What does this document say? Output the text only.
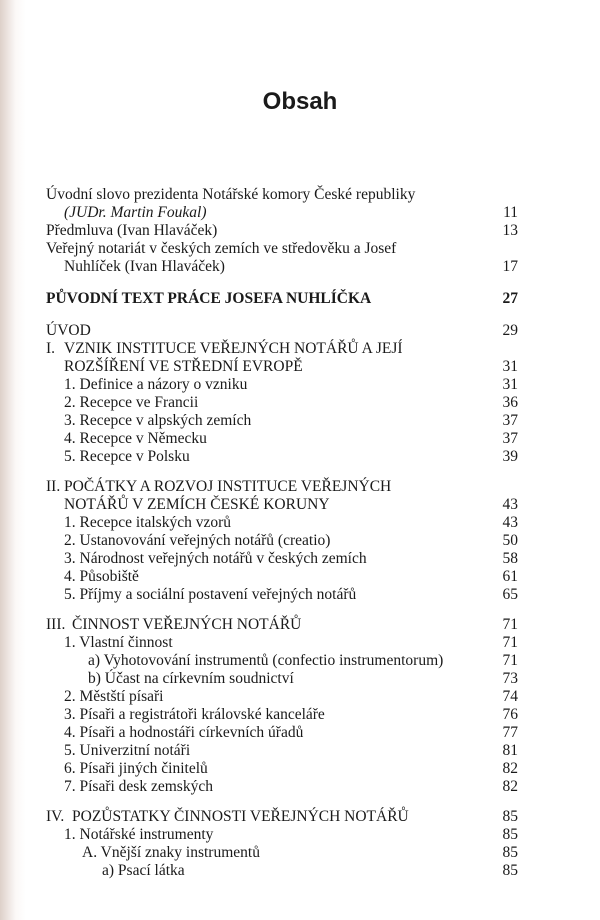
Obsah
Úvodní slovo prezidenta Notářské komory České republiky
(JUDr. Martin Foukal)	11
Předmluva (Ivan Hlaváček)	13
Veřejný notariát v českých zemích ve středověku a Josef
Nuhlíček (Ivan Hlaváček)	17
PŮVODNÍ TEXT PRÁCE JOSEFA NUHLÍČKA	27
ÚVOD	29
I. VZNIK INSTITUCE VEŘEJNÝCH NOTÁŘŮ A JEJÍ
ROZŠÍŘENÍ VE STŘEDNÍ EVROPĚ	31
1. Definice a názory o vzniku	31
2. Recepce ve Francii	36
3. Recepce v alpských zemích	37
4. Recepce v Německu	37
5. Recepce v Polsku	39
II. POČÁTKY A ROZVOJ INSTITUCE VEŘEJNÝCH
NOTÁŘŮ V ZEMÍCH ČESKÉ KORUNY	43
1. Recepce italských vzorů	43
2. Ustanovování veřejných notářů (creatio)	50
3. Národnost veřejných notářů v českých zemích	58
4. Působiště	61
5. Příjmy a sociální postavení veřejných notářů	65
III. ČINNOST VEŘEJNÝCH NOTÁŘŮ	71
1. Vlastní činnost	71
a) Vyhotovování instrumentů (confectio instrumentorum)	71
b) Účast na církevním soudnictví	73
2. Městští písaři	74
3. Písaři a registrátoři královské kanceláře	76
4. Písaři a hodnostáři církevních úřadů	77
5. Univerzitní notáři	81
6. Písaři jiných činitelů	82
7. Písaři desk zemských	82
IV. POZŮSTATKY ČINNOSTI VEŘEJNÝCH NOTÁŘŮ	85
1. Notářské instrumenty	85
A. Vnější znaky instrumentů	85
a) Psací látka	85
